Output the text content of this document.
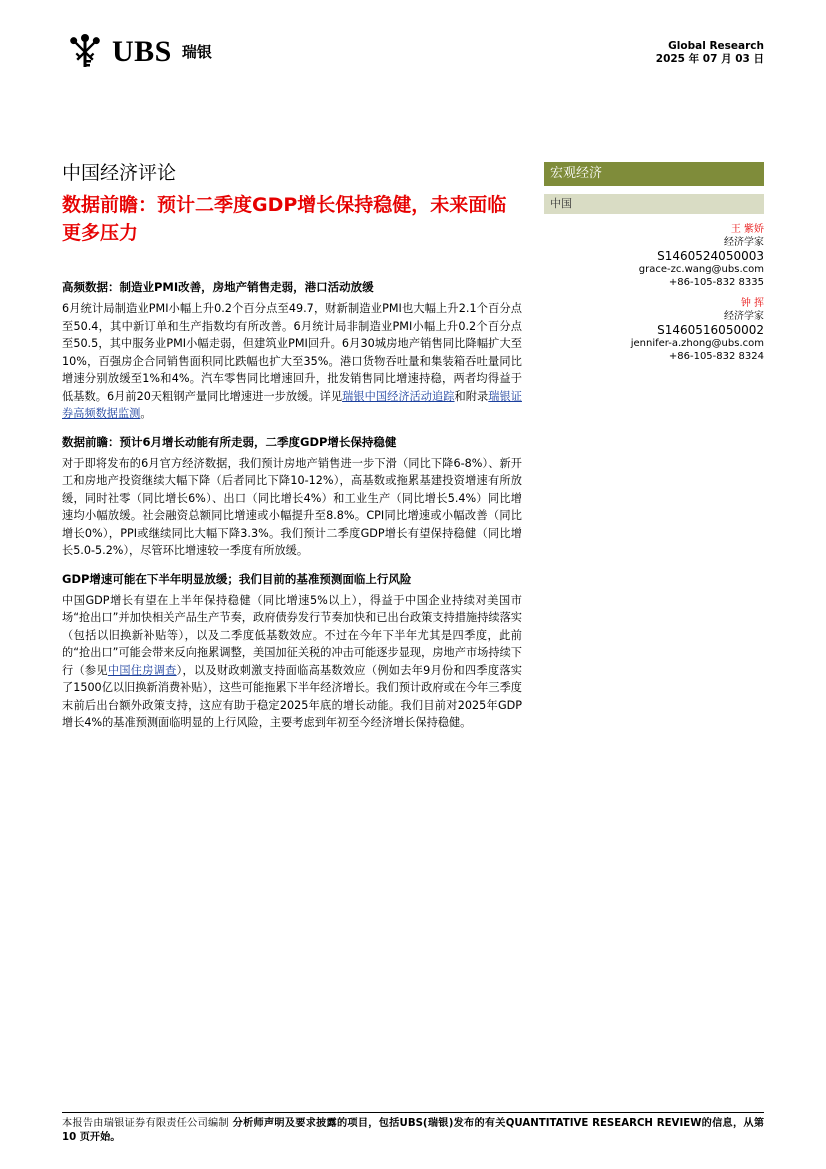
UBS 瑞银	Global Research
2025 年 07 月 03 日
中国经济评论
数据前瞻：预计二季度GDP增长保持稳健，未来面临更多压力
宏观经济
中国
王 紫娇
经济学家
S1460524050003
grace-zc.wang@ubs.com
+86-105-832 8335
钟 挥
经济学家
S1460516050002
jennifer-a.zhong@ubs.com
+86-105-832 8324
高频数据：制造业PMI改善，房地产销售走弱，港口活动放缓

6月统计局制造业PMI小幅上升0.2个百分点至49.7，财新制造业PMI也大幅上升2.1个百分点至50.4，其中新订单和生产指数均有所改善。6月统计局非制造业PMI小幅上升0.2个百分点至50.5，其中服务业PMI小幅走弱，但建筑业PMI回升。6月30城房地产销售同比降幅扩大至10%，百强房企合同销售面积同比跌幅也扩大至35%。港口货物吞吐量和集装箱吞吐量同比增速分别放缓至1%和4%。汽车零售同比增速回升，批发销售同比增速持稳，两者均得益于低基数。6月前20天粗钢产量同比增速进一步放缓。详见瑞银中国经济活动追踪和附录瑞银证券高频数据监测。

数据前瞻：预计6月增长动能有所走弱，二季度GDP增长保持稳健

对于即将发布的6月官方经济数据，我们预计房地产销售进一步下滑（同比下降6-8%）、新开工和房地产投资继续大幅下降（后者同比下降10-12%），高基数或拖累基建投资增速有所放缓，同时社零（同比增长6%）、出口（同比增长4%）和工业生产（同比增长5.4%）同比增速均小幅放缓。社会融资总额同比增速或小幅提升至8.8%。CPI同比增速或小幅改善（同比增长0%），PPI或继续同比大幅下降3.3%。我们预计二季度GDP增长有望保持稳健（同比增长5.0-5.2%），尽管环比增速较一季度有所放缓。

GDP增速可能在下半年明显放缓；我们目前的基准预测面临上行风险

中国GDP增长有望在上半年保持稳健（同比增速5%以上），得益于中国企业持续对美国市场“抢出口”并加快相关产品生产节奏，政府债券发行节奏加快和已出台政策支持措施持续落实（包括以旧换新补贴等），以及二季度低基数效应。不过在今年下半年尤其是四季度，此前的“抢出口”可能会带来反向拖累调整，美国加征关税的冲击可能逐步显现，房地产市场持续下行（参见中国住房调查），以及财政刺激支持面临高基数效应（例如去年9月份和四季度落实了1500亿以旧换新消费补贴），这些可能拖累下半年经济增长。我们预计政府或在今年三季度末前后出台额外政策支持，这应有助于稳定2025年底的增长动能。我们目前对2025年GDP增长4%的基准预测面临明显的上行风险，主要考虑到年初至今经济增长保持稳健。

本报告由瑞银证券有限责任公司编制 分析师声明及要求披露的项目，包括UBS(瑞银)发布的有关QUANTITATIVE RESEARCH REVIEW的信息，从第10 页开始。
